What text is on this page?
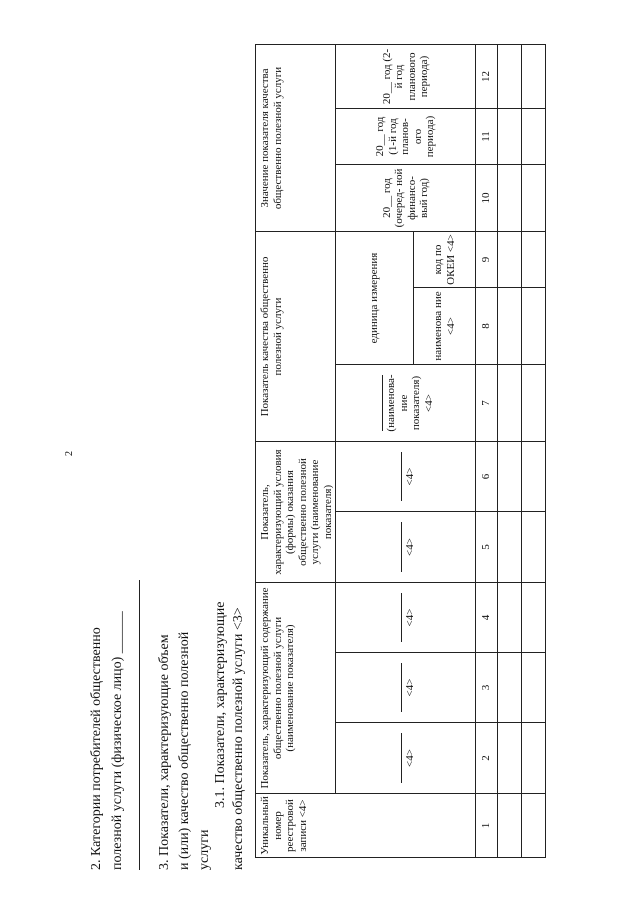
2
2. Категории потребителей общественно полезной услуги (физическое лицо) ______ 3. Показатели, характеризующие объем и (или) качество общественно полезной услуги
3.1. Показатели, характеризующие качество общественно полезной услуги <3> Уникальный номер реестровой записи <4>	Показатель, характеризующий содержание общественно полезной услуги (наименование показателя)			Показатель, характеризующий условия (формы) оказания общественно полезной услуги (наименование показателя)		Показатель качества общественно полезной услуги			Значение показателя качества общественно полезной услуги		

	<4>	<4>	<4>	<4>	<4>	(наименова- ние показателя) <4>	единица измерения		20__ год (очеред- ной финансо- вый год)	20__ год (1-й год планов- ого периода)	20__ год (2-й год планового периода)
							наименова ние <4>	код по ОКЕИ <4>			
1	2	3	4	5	6	7	8	9	10	11	12
